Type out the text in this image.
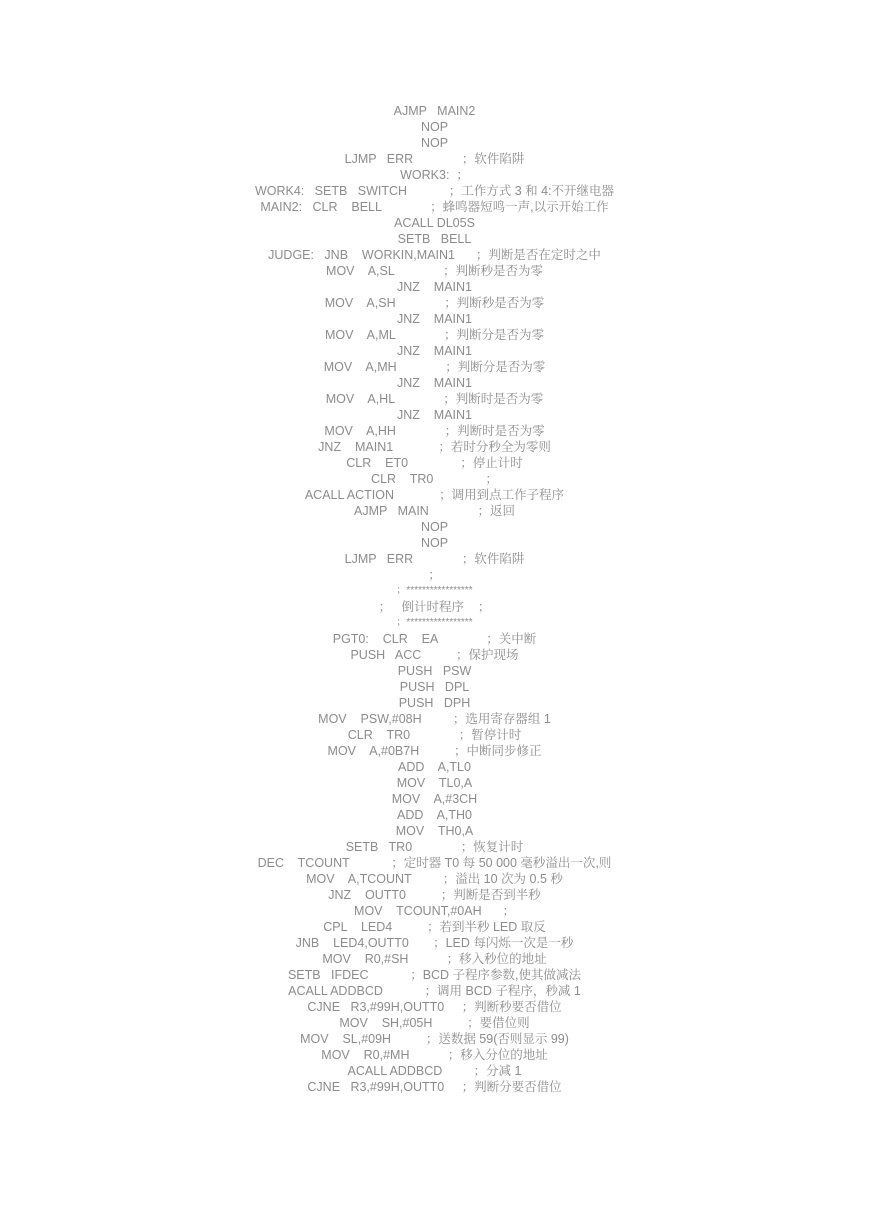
AJMP   MAIN2
NOP
NOP
LJMP   ERR              ；软件陷阱
WORK3:  ；
WORK4:   SETB   SWITCH            ；工作方式 3 和 4:不开继电器
MAIN2:   CLR    BELL              ；蜂鸣器短鸣一声,以示开始工作
ACALL DL05S
SETB   BELL
JUDGE:   JNB    WORKIN,MAIN1      ；判断是否在定时之中
MOV    A,SL              ；判断秒是否为零
JNZ    MAIN1
MOV    A,SH              ；判断秒是否为零
JNZ    MAIN1
MOV    A,ML              ；判断分是否为零
JNZ    MAIN1
MOV    A,MH              ；判断分是否为零
JNZ    MAIN1
MOV    A,HL              ；判断时是否为零
JNZ    MAIN1
MOV    A,HH              ；判断时是否为零
JNZ    MAIN1             ；若时分秒全为零则
CLR    ET0               ；停止计时
CLR    TR0               ；
ACALL ACTION             ；调用到点工作子程序
AJMP   MAIN              ；返回
NOP
NOP
LJMP   ERR              ；软件陷阱
；
；*****************
；   倒计时程序    ；
；*****************
PGT0:    CLR    EA              ；关中断
PUSH   ACC          ；保护现场
PUSH   PSW
PUSH   DPL
PUSH   DPH
MOV    PSW,#08H         ；选用寄存器组 1
CLR    TR0              ；暂停计时
MOV    A,#0B7H          ；中断同步修正
ADD    A,TL0
MOV    TL0,A
MOV    A,#3CH
ADD    A,TH0
MOV    TH0,A
SETB   TR0              ；恢复计时
DEC    TCOUNT            ；定时器 T0 每 50 000 毫秒溢出一次,则
MOV    A,TCOUNT         ；溢出 10 次为 0.5 秒
JNZ    OUTT0          ；判断是否到半秒
MOV    TCOUNT,#0AH      ；
CPL    LED4          ；若到半秒 LED 取反
JNB    LED4,OUTT0       ；LED 每闪烁一次是一秒
MOV    R0,#SH           ；移入秒位的地址
SETB   IFDEC            ；BCD 子程序参数,使其做减法
ACALL ADDBCD            ；调用 BCD 子程序，秒减 1
CJNE   R3,#99H,OUTT0     ；判断秒要否借位
MOV    SH,#05H          ；要借位则
MOV    SL,#09H          ；送数据 59(否则显示 99)
MOV    R0,#MH           ；移入分位的地址
ACALL ADDBCD         ；分减 1
CJNE   R3,#99H,OUTT0     ；判断分要否借位
